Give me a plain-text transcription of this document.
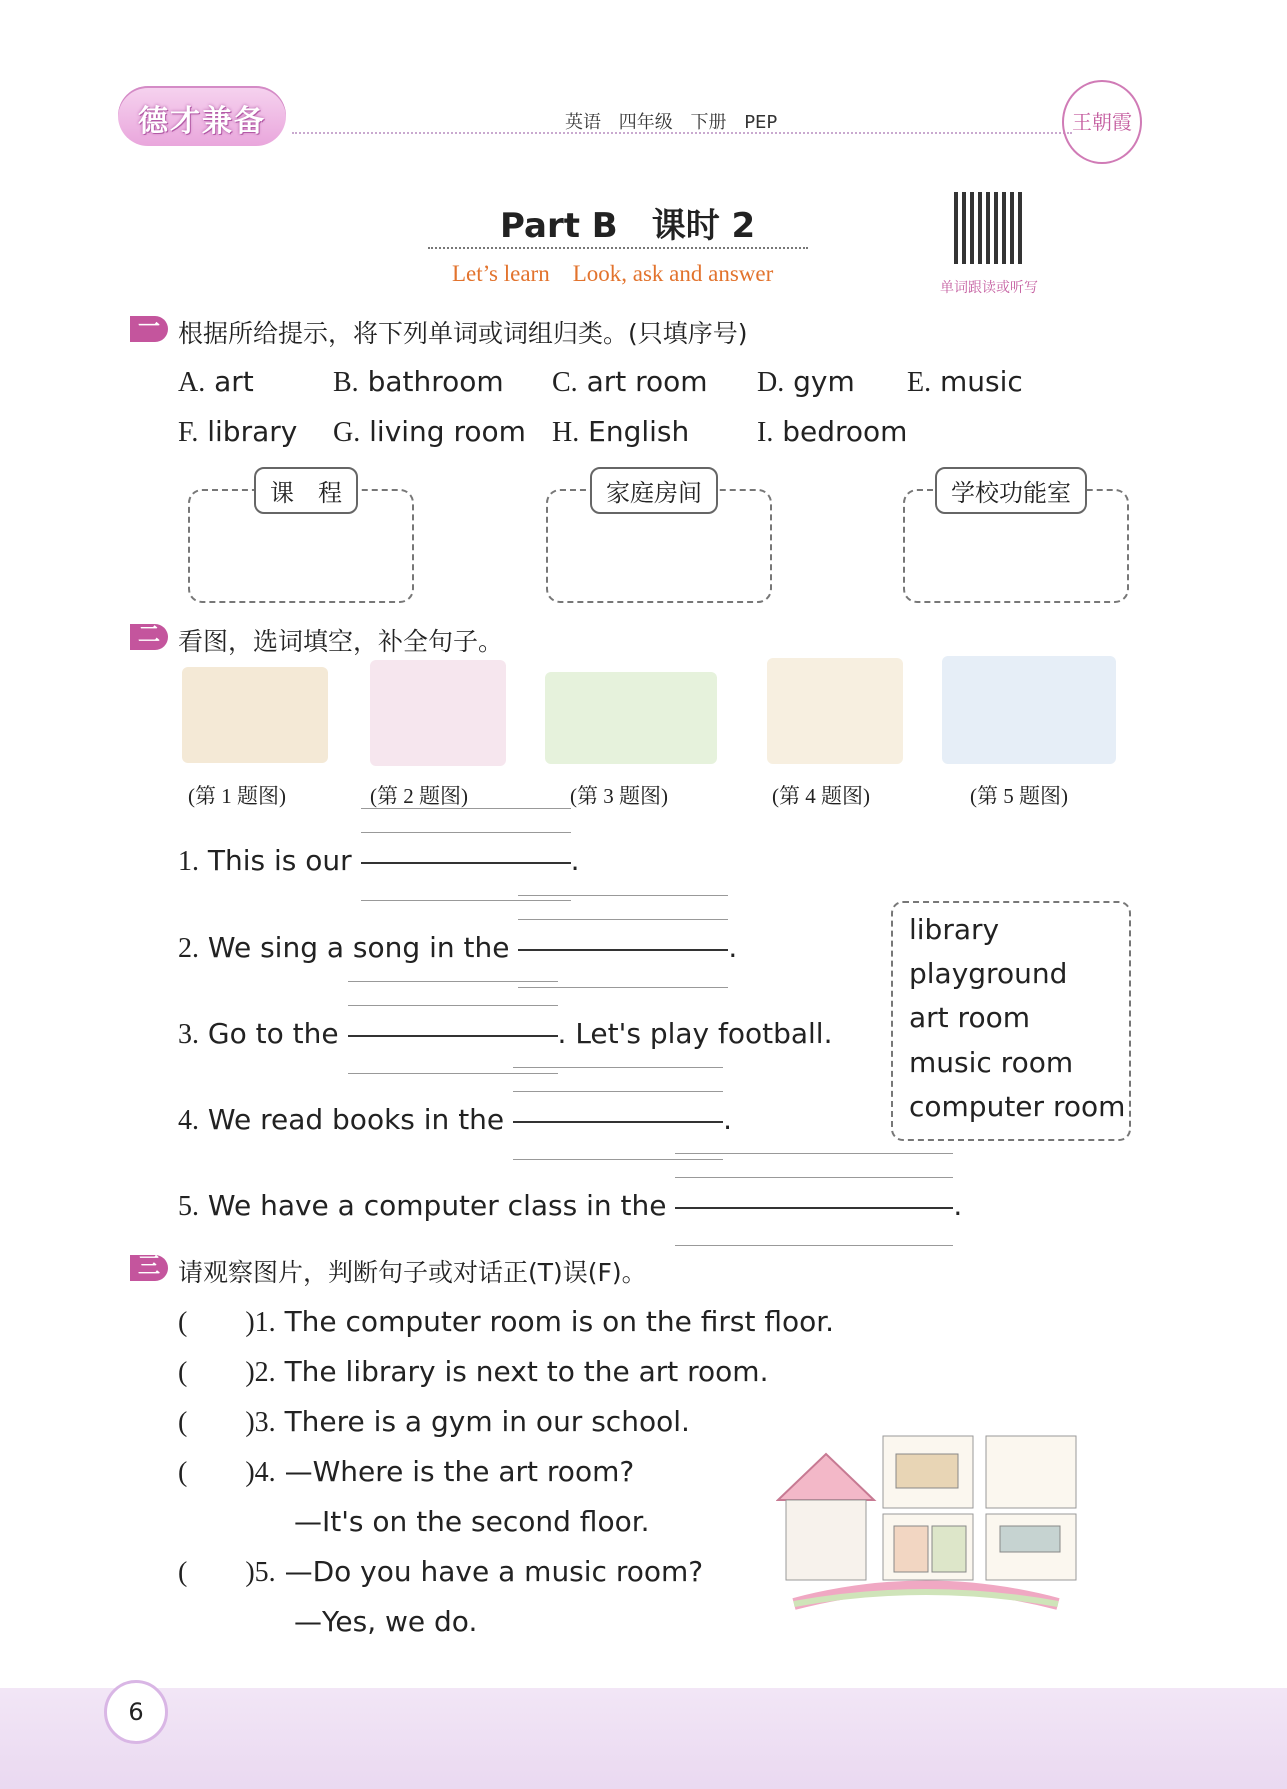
德才兼备	英语 四年级 下册 PEP	王朝霞
Part B　课时 2
Let’s learn　Look, ask and answer
单词跟读或听写
一 根据所给提示，将下列单词或词组归类。(只填序号)
A. art	B. bathroom C. art room D. gym E. music
F. library G. living room H. English I. bedroom
课　程	家庭房间	学校功能室
二 看图，选词填空，补全句子。
(第 1 题图)	(第 2 题图)	(第 3 题图)	(第 4 题图)	(第 5 题图)
1. This is our	.
2. We sing a song in the	.
3. Go to the	. Let's play football.
4. We read books in the	.
5. We have a computer class in the	.
library
playground
art room
music room
computer room
三 请观察图片，判断句子或对话正(T)误(F)。
( )1. The computer room is on the first floor.
( )2. The library is next to the art room.
( )3. There is a gym in our school.
( )4. —Where is the art room?
—It's on the second floor.
( )5. —Do you have a music room?
—Yes, we do.
6
